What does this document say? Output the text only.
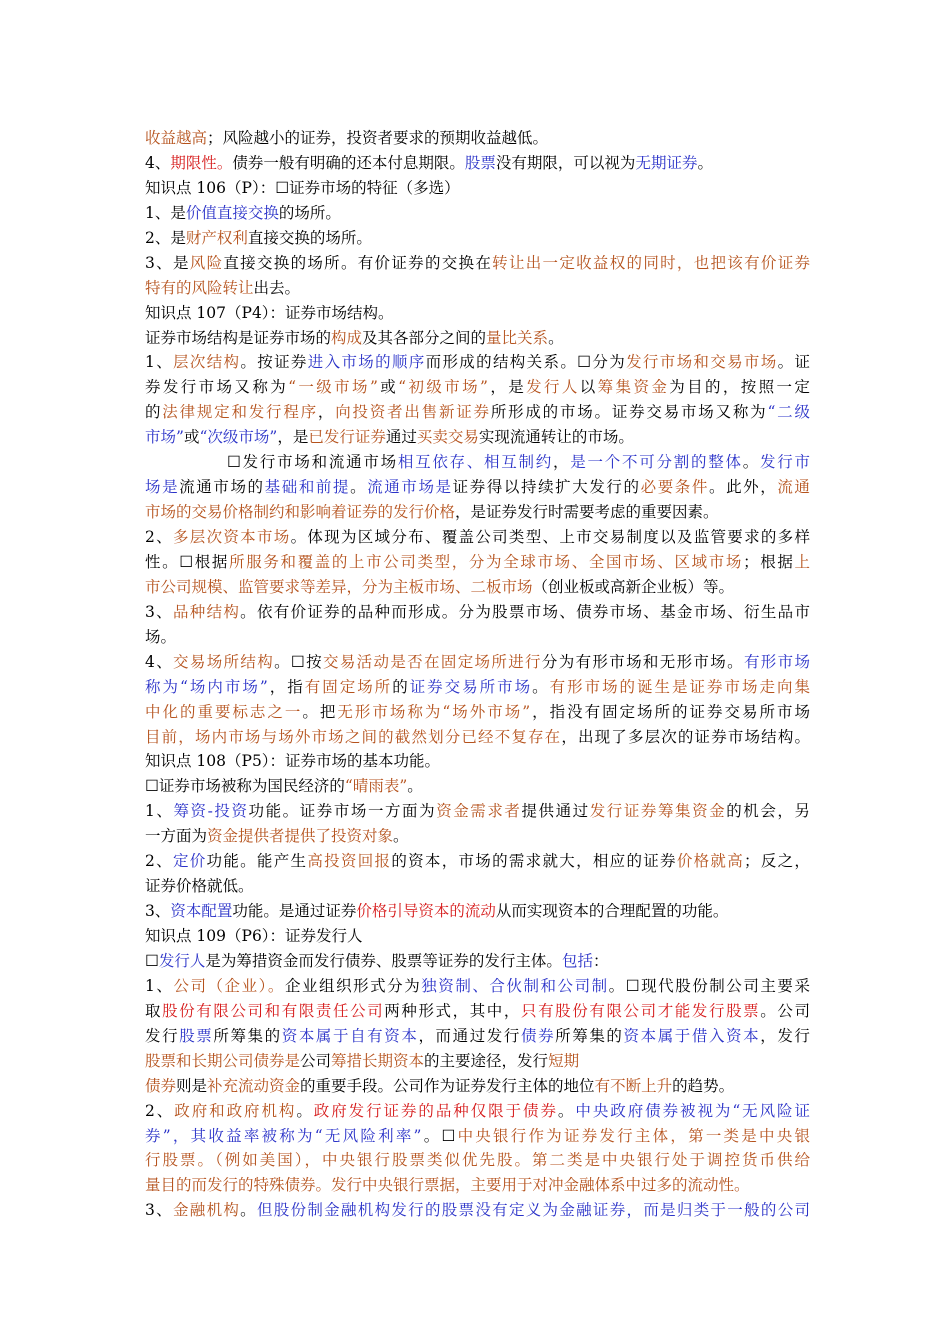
收益越高；风险越小的证券，投资者要求的预期收益越低。
4、期限性。债券一般有明确的还本付息期限。股票没有期限，可以视为无期证券。
知识点 106（P）：☐证券市场的特征（多选）
1、是价值直接交换的场所。
2、是财产权利直接交换的场所。
3、是风险直接交换的场所。有价证券的交换在转让出一定收益权的同时，也把该有价证券
特有的风险转让出去。
知识点 107（P4）：证券市场结构。
证券市场结构是证券市场的构成及其各部分之间的量比关系。
1、层次结构。按证券进入市场的顺序而形成的结构关系。☐分为发行市场和交易市场。证
券发行市场又称为“一级市场”或“初级市场”，是发行人以筹集资金为目的，按照一定
的法律规定和发行程序，向投资者出售新证券所形成的市场。证券交易市场又称为“二级
市场”或“次级市场”，是已发行证券通过买卖交易实现流通转让的市场。
☐发行市场和流通市场相互依存、相互制约，是一个不可分割的整体。发行市
场是流通市场的基础和前提。流通市场是证券得以持续扩大发行的必要条件。此外，流通
市场的交易价格制约和影响着证券的发行价格，是证券发行时需要考虑的重要因素。
2、多层次资本市场。体现为区域分布、覆盖公司类型、上市交易制度以及监管要求的多样
性。☐根据所服务和覆盖的上市公司类型，分为全球市场、全国市场、区域市场；根据上
市公司规模、监管要求等差异，分为主板市场、二板市场（创业板或高新企业板）等。
3、品种结构。依有价证券的品种而形成。分为股票市场、债券市场、基金市场、衍生品市
场。
4、交易场所结构。☐按交易活动是否在固定场所进行分为有形市场和无形市场。有形市场
称为“场内市场”，指有固定场所的证券交易所市场。有形市场的诞生是证券市场走向集
中化的重要标志之一。把无形市场称为“场外市场”，指没有固定场所的证券交易所市场
目前，场内市场与场外市场之间的截然划分已经不复存在，出现了多层次的证券市场结构。
知识点 108（P5）：证券市场的基本功能。
☐证券市场被称为国民经济的“晴雨表”。
1、筹资-投资功能。证券市场一方面为资金需求者提供通过发行证券筹集资金的机会，另
一方面为资金提供者提供了投资对象。
2、定价功能。能产生高投资回报的资本，市场的需求就大，相应的证券价格就高；反之，
证券价格就低。
3、资本配置功能。是通过证券价格引导资本的流动从而实现资本的合理配置的功能。
知识点 109（P6）：证券发行人
☐发行人是为筹措资金而发行债券、股票等证券的发行主体。包括：
1、公司（企业）。企业组织形式分为独资制、合伙制和公司制。☐现代股份制公司主要采
取股份有限公司和有限责任公司两种形式，其中，只有股份有限公司才能发行股票。公司
发行股票所筹集的资本属于自有资本，而通过发行债券所筹集的资本属于借入资本，发行
股票和长期公司债券是公司筹措长期资本的主要途径，发行短期
债券则是补充流动资金的重要手段。公司作为证券发行主体的地位有不断上升的趋势。
2、政府和政府机构。政府发行证券的品种仅限于债券。中央政府债券被视为“无风险证
券”，其收益率被称为“无风险利率”。☐中央银行作为证券发行主体，第一类是中央银
行股票。（例如美国），中央银行股票类似优先股。第二类是中央银行处于调控货币供给
量目的而发行的特殊债券。发行中央银行票据，主要用于对冲金融体系中过多的流动性。
3、金融机构。但股份制金融机构发行的股票没有定义为金融证券，而是归类于一般的公司
